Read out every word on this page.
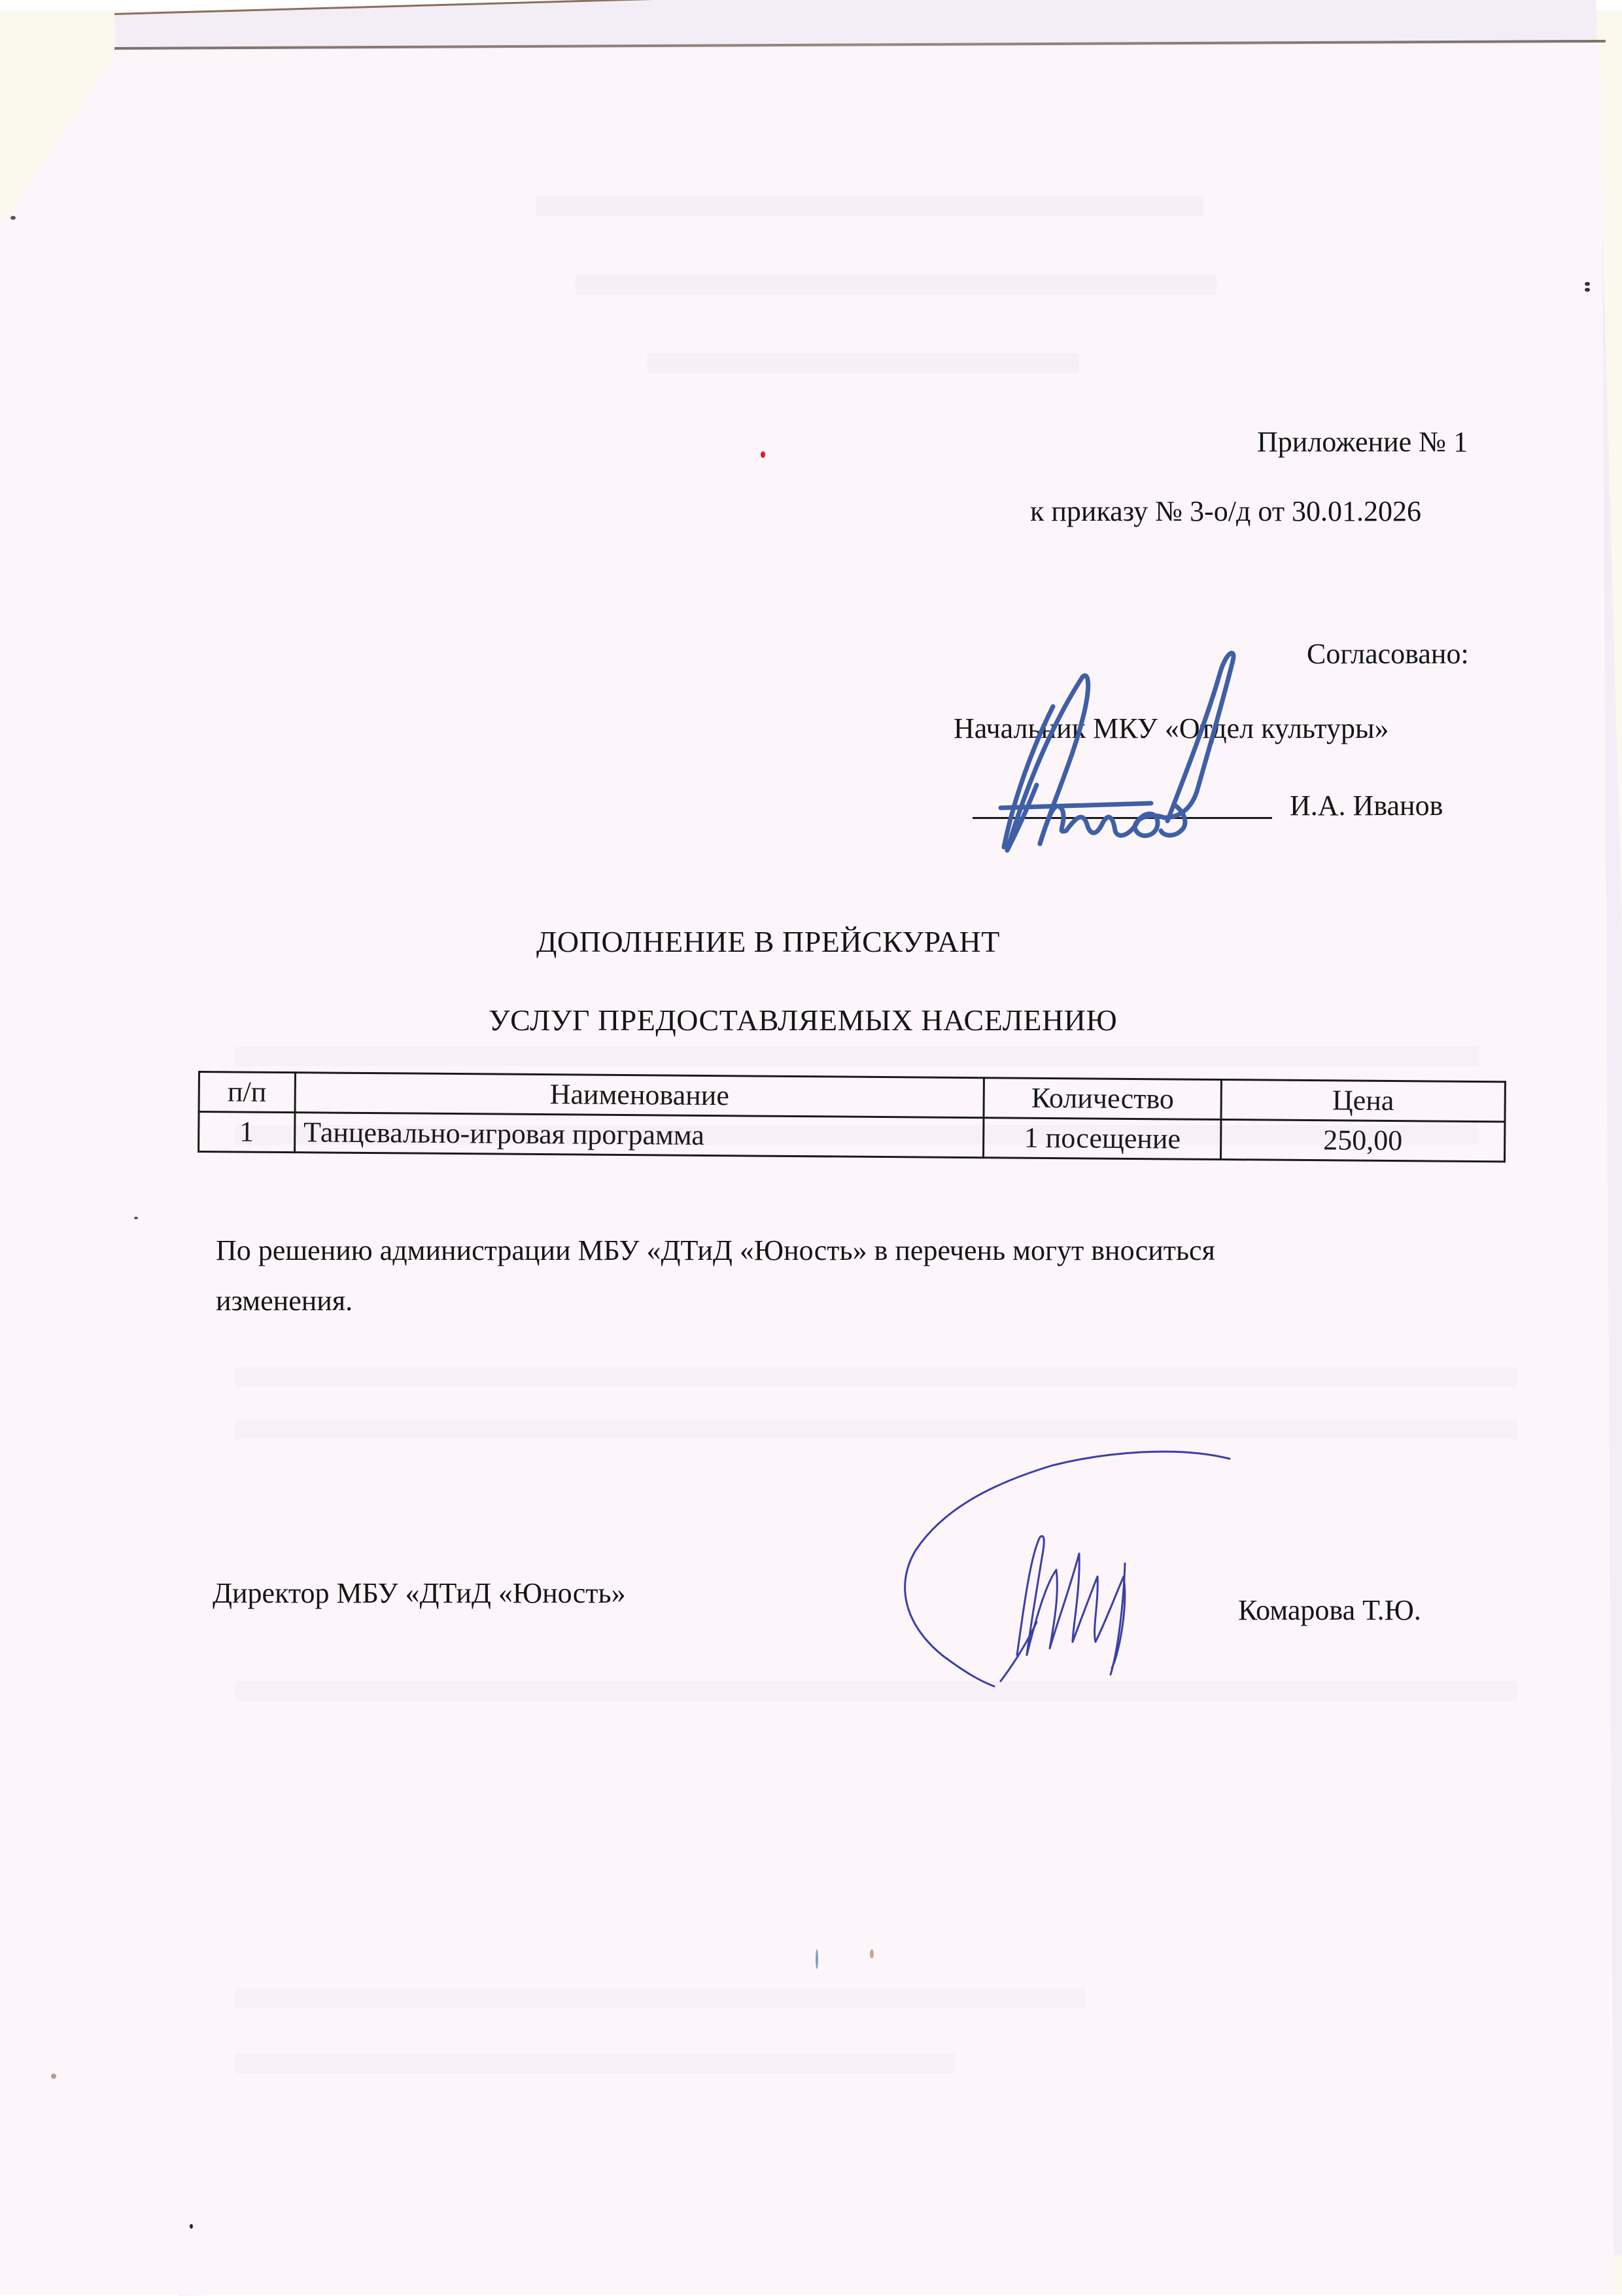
Приложение № 1
к приказу № 3-о/д от 30.01.2026
Согласовано:
Начальник МКУ «Отдел культуры»
И.А. Иванов
ДОПОЛНЕНИЕ В ПРЕЙСКУРАНТ
УСЛУГ ПРЕДОСТАВЛЯЕМЫХ НАСЕЛЕНИЮ
п/п	Наименование	Количество	Цена
1	Танцевально-игровая программа	1 посещение	250,00
По решению администрации МБУ «ДТиД «Юность» в перечень могут вноситься
изменения.
Директор МБУ «ДТиД «Юность»
Комарова Т.Ю.
